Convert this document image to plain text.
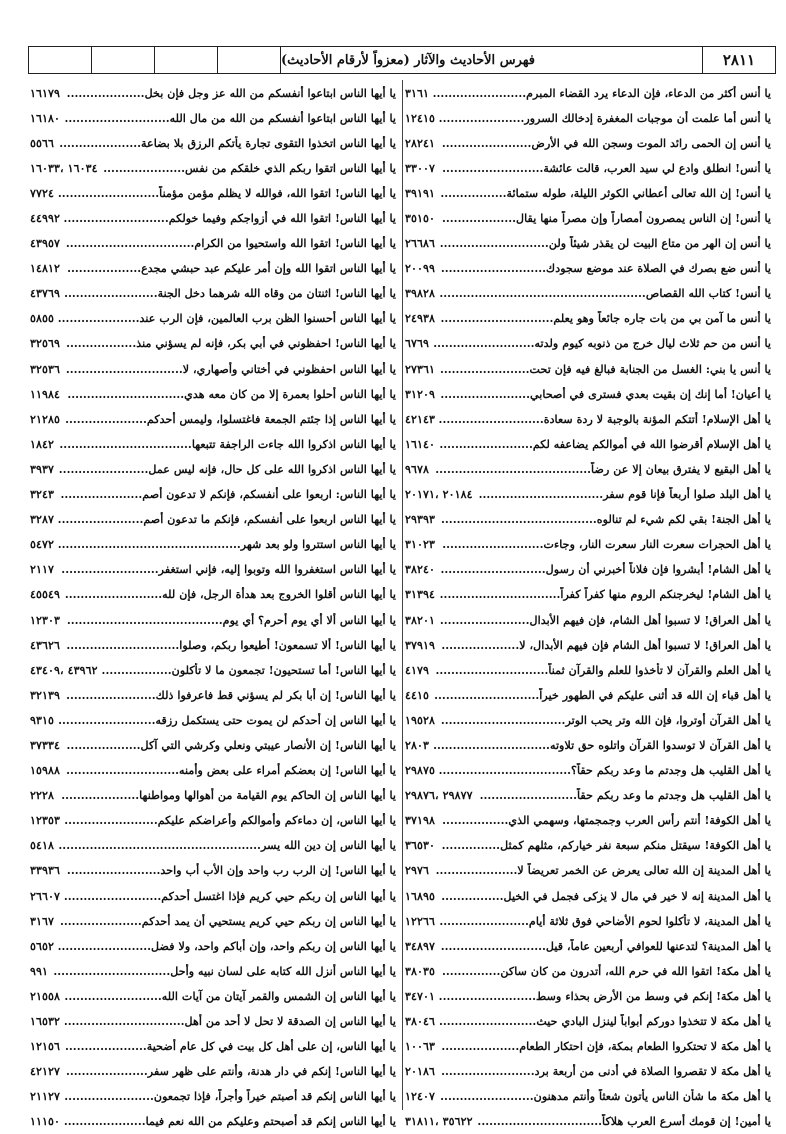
فهرس الأحاديث والآثار (معزواً لأرقام الأحاديث)	٢٨١١
١٦١٧٩ يا أيها الناس ابتاعوا أنفسكم من الله عز وجل فإن بخل....................
١٦١٨٠ يا أيها الناس ابتاعوا أنفسكم من الله من مال الله...........................
٥٥٦٦ يا أيها الناس اتخذوا التقوى تجارة يأتكم الرزق بلا بضاعة.....................
١٦٠٣٤ ،١٦٠٣٣ يا أيها الناس اتقوا ربكم الذي خلقكم من نفس.....................
٧٧٢٤ يا أيها الناس! اتقوا الله، فوالله لا يظلم مؤمن مؤمناً..........................
٤٤٩٩٢ يا أيها الناس! اتقوا الله في أزواجكم وفيما خولكم...........................
٤٣٩٥٧ يا أيها الناس! اتقوا الله واستحيوا من الكرام.................................
١٤٨١٢ يا أيها الناس اتقوا الله وإن أمر عليكم عبد حبشي مجدع...................
٤٣٧٦٩ يا أيها الناس! اثنتان من وقاه الله شرهما دخل الجنة........................
٥٨٥٥ يا أيها الناس أحسنوا الظن برب العالمين، فإن الرب عند.....................
٣٢٥٦٩ يا أيها الناس! احفظوني في أبي بكر، فإنه لم يسؤني منذ..................
٣٢٥٣٦ يا أيها الناس احفظوني في أختاني وأصهاري، لا..............................
١١٩٨٤ يا أيها الناس أحلوا بعمرة إلا من كان معه هدي..............................
٢١٢٨٥ يا أيها الناس إذا جئتم الجمعة فاغتسلوا، وليمس أحدكم.....................
١٨٤٢ يا أيها الناس اذكروا الله جاءت الراجفة تتبعها..................................
٣٩٣٧ يا أيها الناس اذكروا الله على كل حال، فإنه ليس عمل.......................
٣٢٤٣ يا أيها الناس: اربعوا على أنفسكم، فإنكم لا تدعون أصم.....................
٣٢٨٧ يا أيها الناس اربعوا على أنفسكم، فإنكم ما تدعون أصم......................
٥٤٧٢ يا أيها الناس استتروا ولو بعد شهر...............................................
٢١١٧ يا أيها الناس استغفروا الله وتوبوا إليه، فإني استغفر.........................
٤٥٥٤٩ يا أيها الناس أقلوا الخروج بعد هدأة الرجل، فإن لله.........................
١٢٣٠٣ يا أيها الناس ألا أي يوم أحرم؟ أي يوم........................................
٤٣٦٢٦ يا أيها الناس! ألا تسمعون! أطيعوا ربكم، وصلوا.............................
٤٣٩٦٢ ،٤٣٤٠٩ يا أيها الناس! أما تستحيون! تجمعون ما لا تأكلون..................
٣٢١٣٩ يا أيها الناس! إن أبا بكر لم يسؤني قط فاعرفوا ذلك.......................
٩٣١٥ يا أيها الناس إن أحدكم لن يموت حتى يستكمل رزقه.........................
٣٧٣٣٤ يا أيها الناس! إن الأنصار عيبتي ونعلي وكرشي التي آكل...................
١٥٩٨٨ يا أيها الناس! إن بعضكم أمراء على بعض وأمنه.............................
٢٢٢٨ يا أيها الناس إن الحاكم يوم القيامة من أهوالها ومواطنها....................
١٢٣٥٣ يا أيها الناس، إن دماءكم وأموالكم وأعراضكم عليكم........................
٥٤١٨ يا أيها الناس إن دين الله يسر....................................................
٣٣٩٣٦ يا أيها الناس! إن الرب رب واحد وإن الأب أب واحد........................
٢٦٦٠٧ يا أيها الناس إن ربكم حيي كريم فإذا اغتسل أحدكم.........................
٣١٦٧ يا أيها الناس إن ربكم حيي كريم يستحيي أن يمد أحدكم.....................
٥٦٥٢ يا أيها الناس إن ربكم واحد، وإن أباكم واحد، ولا فضل........................
٩٩١ يا أيها الناس أنزل الله كتابه على لسان نبيه وأحل..............................
٢١٥٥٨ يا أيها الناس إن الشمس والقمر آيتان من آيات الله.........................
١٦٥٣٢ يا أيها الناس إن الصدقة لا تحل لا أحد من أهل...............................
١٢١٥٦ يا أيها الناس، إن على أهل كل بيت في كل عام أضحية.....................
٤٢١٢٧ يا أيها الناس! إنكم في دار هدنة، وأنتم على ظهر سفر.....................
٢١١٢٧ يا أيها الناس إنكم قد أصبتم خيراً وأجراً، فإذا تجمعون.......................
١١١٥٠ يا أيها الناس إنكم قد أصبحتم وعليكم من الله نعم فيما.....................
٣١٦١ يا أنس أكثر من الدعاء، فإن الدعاء يرد القضاء المبرم........................
١٢٤١٥ يا أنس أما علمت أن موجبات المغفرة إدخالك السرور......................
٢٨٢٤١ يا أنس إن الحمى رائد الموت وسجن الله في الأرض.......................
٣٣٠٠٧ يا أنس! انطلق وادع لي سيد العرب، قالت عائشة..........................
٣٩١٩١ يا أنس! إن الله تعالى أعطاني الكوثر الليلة، طوله ستمائة.................
٣٥١٥٠ يا أنس! إن الناس يمصرون أمصاراً وإن مصراً منها يقال...................
٢٦٦٨٦ يا أنس إن الهر من متاع البيت لن يقذر شيئاً ولن............................
٢٠٠٩٩ يا أنس ضع بصرك في الصلاة عند موضع سجودك...........................
٣٩٨٢٨ يا أنس! كتاب الله القصاص.....................................................
٢٤٩٣٨ يا أنس ما آمن بي من بات جاره جائعاً وهو يعلم.............................
٦٧٦٩ يا أنس من حم ثلاث ليال خرج من ذنوبه كيوم ولدته..........................
٢٧٣٦١ يا أنس يا بني: الغسل من الجنابة فبالغ فيه فإن تحت.......................
٣١٢٠٩ يا أعيان! أما إنك إن بقيت بعدي فسترى في أصحابي.......................
٤٢١٤٣ يا أهل الإسلام! أتتكم المؤنة بالوجبة لا ردة سعادة...........................
١٦١٤٠ يا أهل الإسلام أقرضوا الله في أموالكم يضاعفه لكم........................
٩٦٧٨ يا أهل البقيع لا يفترق بيعان إلا عن رضاً........................................
٢٠١٨٤ ،٢٠١٧١ يا أهل البلد صلوا أربعاً فإنا قوم سفر................................
٢٩٣٩٣ يا أهل الجنة! بقي لكم شيء لم تنالوه........................................
٣١٠٢٣ يا أهل الحجرات سعرت النار سعرت النار، وجاءت..........................
٣٨٢٤٠ يا أهل الشام! أبشروا فإن فلاناً أخبرني أن رسول...........................
٣١٣٩٤ يا أهل الشام! ليخرجنكم الروم منها كفراً كفراً...............................
٣٨٢٠١ يا أهل العراق! لا تسبوا أهل الشام، فإن فيهم الأبدال.......................
٣٧٩١٩ يا أهل العراق! لا تسبوا أهل الشام فإن فيهم الأبدال، لا....................
٤١٧٩ يا أهل العلم والقرآن لا تأخذوا للعلم والقرآن ثمناً.............................
٤٤١٥ يا أهل قباء إن الله قد أثنى عليكم في الطهور خيراً...........................
١٩٥٢٨ يا أهل القرآن أوتروا، فإن الله وتر يحب الوتر................................
٢٨٠٣ يا أهل القرآن لا توسدوا القرآن واتلوه حق تلاوته..............................
٢٩٨٧٥ يا أهل القليب هل وجدتم ما وعد ربكم حقاً؟..................................
٢٩٨٧٧ ،٢٩٨٧٦ يا أهل القليب هل وجدتم ما وعد ربكم حقاً.........................
٣٧١٩٨ يا أهل الكوفة! أنتم رأس العرب وجمجمتها، وسهمي الذي.................
٣٦٥٣٠ يا أهل الكوفة! سيقتل منكم سبعة نفر خياركم، مثلهم كمثل...............
٢٩٧٦ يا أهل المدينة إن الله تعالى يعرض عن الخمر تعريضاً لا.....................
١٦٨٩٥ يا أهل المدينة إنه لا خير في مال لا يزكى فجمل في الخيل................
١٢٢٦٦ يا أهل المدينة، لا تأكلوا لحوم الأضاحي فوق ثلاثة أيام.......................
٣٤٨٩٧ يا أهل المدينة؟ لتدعنها للعوافي أربعين عاماً، قيل...........................
٣٨٠٣٥ يا أهل مكة! اتقوا الله في حرم الله، أتدرون من كان ساكن...............
٣٤٧٠١ يا أهل مكة! إنكم في وسط من الأرض بحذاء وسط.........................
٣٨٠٤٦ يا أهل مكة لا تتخذوا دوركم أبواباً لينزل البادي حيث.........................
١٠٠٦٣ يا أهل مكة لا تحتكروا الطعام بمكة، فإن احتكار الطعام....................
٢٠١٨٦ يا أهل مكة لا تقصروا الصلاة في أدنى من أربعة برد........................
١٢٤٠٧ يا أهل مكة ما شأن الناس يأتون شعثاً وأنتم مدهنون........................
٣٥٦٢٢ ،٣١٨١١ يا أمين! إن قومك أسرع العرب هلاكاً................................
